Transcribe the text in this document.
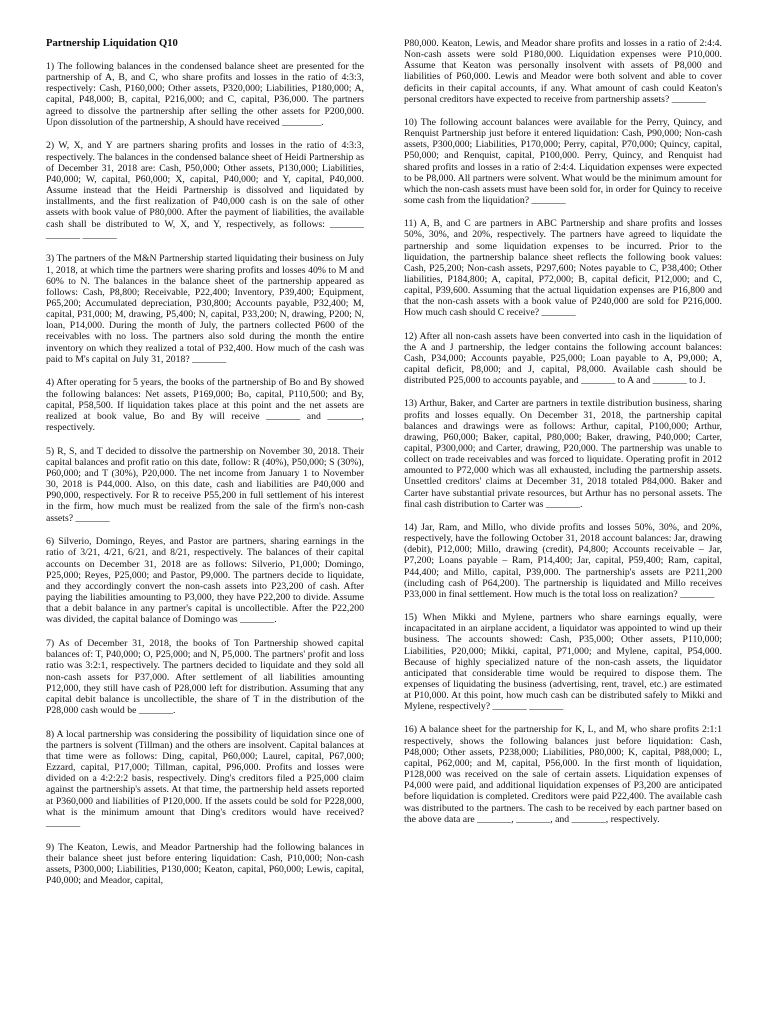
Partnership Liquidation Q10

1) The following balances in the condensed balance sheet are presented for the partnership of A, B, and C, who share profits and losses in the ratio of 4:3:3, respectively: Cash, P160,000; Other assets, P320,000; Liabilities, P180,000; A, capital, P48,000; B, capital, P216,000; and C, capital, P36,000. The partners agreed to dissolve the partnership after selling the other assets for P200,000. Upon dissolution of the partnership, A should have received ________.

2) W, X, and Y are partners sharing profits and losses in the ratio of 4:3:3, respectively. The balances in the condensed balance sheet of Heidi Partnership as of December 31, 2018 are: Cash, P50,000; Other assets, P130,000; Liabilities, P40,000; W, capital, P60,000; X, capital, P40,000; and Y, capital, P40,000. Assume instead that the Heidi Partnership is dissolved and liquidated by installments, and the first realization of P40,000 cash is on the sale of other assets with book value of P80,000. After the payment of liabilities, the available cash shall be distributed to W, X, and Y, respectively, as follows: _______ _______ _______

3) The partners of the M&N Partnership started liquidating their business on July 1, 2018, at which time the partners were sharing profits and losses 40% to M and 60% to N. The balances in the balance sheet of the partnership appeared as follows: Cash, P8,800; Receivable, P22,400; Inventory, P39,400; Equipment, P65,200; Accumulated depreciation, P30,800; Accounts payable, P32,400; M, capital, P31,000; M, drawing, P5,400; N, capital, P33,200; N, drawing, P200; N, loan, P14,000. During the month of July, the partners collected P600 of the receivables with no loss. The partners also sold during the month the entire inventory on which they realized a total of P32,400. How much of the cash was paid to M's capital on July 31, 2018? _______

4) After operating for 5 years, the books of the partnership of Bo and By showed the following balances: Net assets, P169,000; Bo, capital, P110,500; and By, capital, P58,500. If liquidation takes place at this point and the net assets are realized at book value, Bo and By will receive _______ and _______, respectively.

5) R, S, and T decided to dissolve the partnership on November 30, 2018. Their capital balances and profit ratio on this date, follow: R (40%), P50,000; S (30%), P60,000; and T (30%), P20,000. The net income from January 1 to November 30, 2018 is P44,000. Also, on this date, cash and liabilities are P40,000 and P90,000, respectively. For R to receive P55,200 in full settlement of his interest in the firm, how much must be realized from the sale of the firm's non-cash assets? _______

6) Silverio, Domingo, Reyes, and Pastor are partners, sharing earnings in the ratio of 3/21, 4/21, 6/21, and 8/21, respectively. The balances of their capital accounts on December 31, 2018 are as follows: Silverio, P1,000; Domingo, P25,000; Reyes, P25,000; and Pastor, P9,000. The partners decide to liquidate, and they accordingly convert the non-cash assets into P23,200 of cash. After paying the liabilities amounting to P3,000, they have P22,200 to divide. Assume that a debit balance in any partner's capital is uncollectible. After the P22,200 was divided, the capital balance of Domingo was _______.

7) As of December 31, 2018, the books of Ton Partnership showed capital balances of: T, P40,000; O, P25,000; and N, P5,000. The partners' profit and loss ratio was 3:2:1, respectively. The partners decided to liquidate and they sold all non-cash assets for P37,000. After settlement of all liabilities amounting P12,000, they still have cash of P28,000 left for distribution. Assuming that any capital debit balance is uncollectible, the share of T in the distribution of the P28,000 cash would be _______.

8) A local partnership was considering the possibility of liquidation since one of the partners is solvent (Tillman) and the others are insolvent. Capital balances at that time were as follows: Ding, capital, P60,000; Laurel, capital, P67,000; Ezzard, capital, P17,000; Tillman, capital, P96,000. Profits and losses were divided on a 4:2:2:2 basis, respectively. Ding's creditors filed a P25,000 claim against the partnership's assets. At that time, the partnership held assets reported at P360,000 and liabilities of P120,000. If the assets could be sold for P228,000, what is the minimum amount that Ding's creditors would have received? _______

9) The Keaton, Lewis, and Meador Partnership had the following balances in their balance sheet just before entering liquidation: Cash, P10,000; Non-cash assets, P300,000; Liabilities, P130,000; Keaton, capital, P60,000; Lewis, capital, P40,000; and Meador, capital,

P80,000. Keaton, Lewis, and Meador share profits and losses in a ratio of 2:4:4. Non-cash assets were sold P180,000. Liquidation expenses were P10,000. Assume that Keaton was personally insolvent with assets of P8,000 and liabilities of P60,000. Lewis and Meador were both solvent and able to cover deficits in their capital accounts, if any. What amount of cash could Keaton's personal creditors have expected to receive from partnership assets? _______

10) The following account balances were available for the Perry, Quincy, and Renquist Partnership just before it entered liquidation: Cash, P90,000; Non-cash assets, P300,000; Liabilities, P170,000; Perry, capital, P70,000; Quincy, capital, P50,000; and Renquist, capital, P100,000. Perry, Quincy, and Renquist had shared profits and losses in a ratio of 2:4:4. Liquidation expenses were expected to be P8,000. All partners were solvent. What would be the minimum amount for which the non-cash assets must have been sold for, in order for Quincy to receive some cash from the liquidation? _______

11) A, B, and C are partners in ABC Partnership and share profits and losses 50%, 30%, and 20%, respectively. The partners have agreed to liquidate the partnership and some liquidation expenses to be incurred. Prior to the liquidation, the partnership balance sheet reflects the following book values: Cash, P25,200; Non-cash assets, P297,600; Notes payable to C, P38,400; Other liabilities, P184,800; A, capital, P72,000; B, capital deficit, P12,000; and C, capital, P39,600. Assuming that the actual liquidation expenses are P16,800 and that the non-cash assets with a book value of P240,000 are sold for P216,000. How much cash should C receive? _______

12) After all non-cash assets have been converted into cash in the liquidation of the A and J partnership, the ledger contains the following account balances: Cash, P34,000; Accounts payable, P25,000; Loan payable to A, P9,000; A, capital deficit, P8,000; and J, capital, P8,000. Available cash should be distributed P25,000 to accounts payable, and _______ to A and _______ to J.

13) Arthur, Baker, and Carter are partners in textile distribution business, sharing profits and losses equally. On December 31, 2018, the partnership capital balances and drawings were as follows: Arthur, capital, P100,000; Arthur, drawing, P60,000; Baker, capital, P80,000; Baker, drawing, P40,000; Carter, capital, P300,000; and Carter, drawing, P20,000. The partnership was unable to collect on trade receivables and was forced to liquidate. Operating profit in 2012 amounted to P72,000 which was all exhausted, including the partnership assets. Unsettled creditors' claims at December 31, 2018 totaled P84,000. Baker and Carter have substantial private resources, but Arthur has no personal assets. The final cash distribution to Carter was _______.

14) Jar, Ram, and Millo, who divide profits and losses 50%, 30%, and 20%, respectively, have the following October 31, 2018 account balances: Jar, drawing (debit), P12,000; Millo, drawing (credit), P4,800; Accounts receivable – Jar, P7,200; Loans payable – Ram, P14,400; Jar, capital, P59,400; Ram, capital, P44,400; and Millo, capital, P39,000. The partnership's assets are P211,200 (including cash of P64,200). The partnership is liquidated and Millo receives P33,000 in final settlement. How much is the total loss on realization? _______

15) When Mikki and Mylene, partners who share earnings equally, were incapacitated in an airplane accident, a liquidator was appointed to wind up their business. The accounts showed: Cash, P35,000; Other assets, P110,000; Liabilities, P20,000; Mikki, capital, P71,000; and Mylene, capital, P54,000. Because of highly specialized nature of the non-cash assets, the liquidator anticipated that considerable time would be required to dispose them. The expenses of liquidating the business (advertising, rent, travel, etc.) are estimated at P10,000. At this point, how much cash can be distributed safely to Mikki and Mylene, respectively? _______ _______

16) A balance sheet for the partnership for K, L, and M, who share profits 2:1:1 respectively, shows the following balances just before liquidation: Cash, P48,000; Other assets, P238,000; Liabilities, P80,000; K, capital, P88,000; L, capital, P62,000; and M, capital, P56,000. In the first month of liquidation, P128,000 was received on the sale of certain assets. Liquidation expenses of P4,000 were paid, and additional liquidation expenses of P3,200 are anticipated before liquidation is completed. Creditors were paid P22,400. The available cash was distributed to the partners. The cash to be received by each partner based on the above data are _______, _______, and _______, respectively.
